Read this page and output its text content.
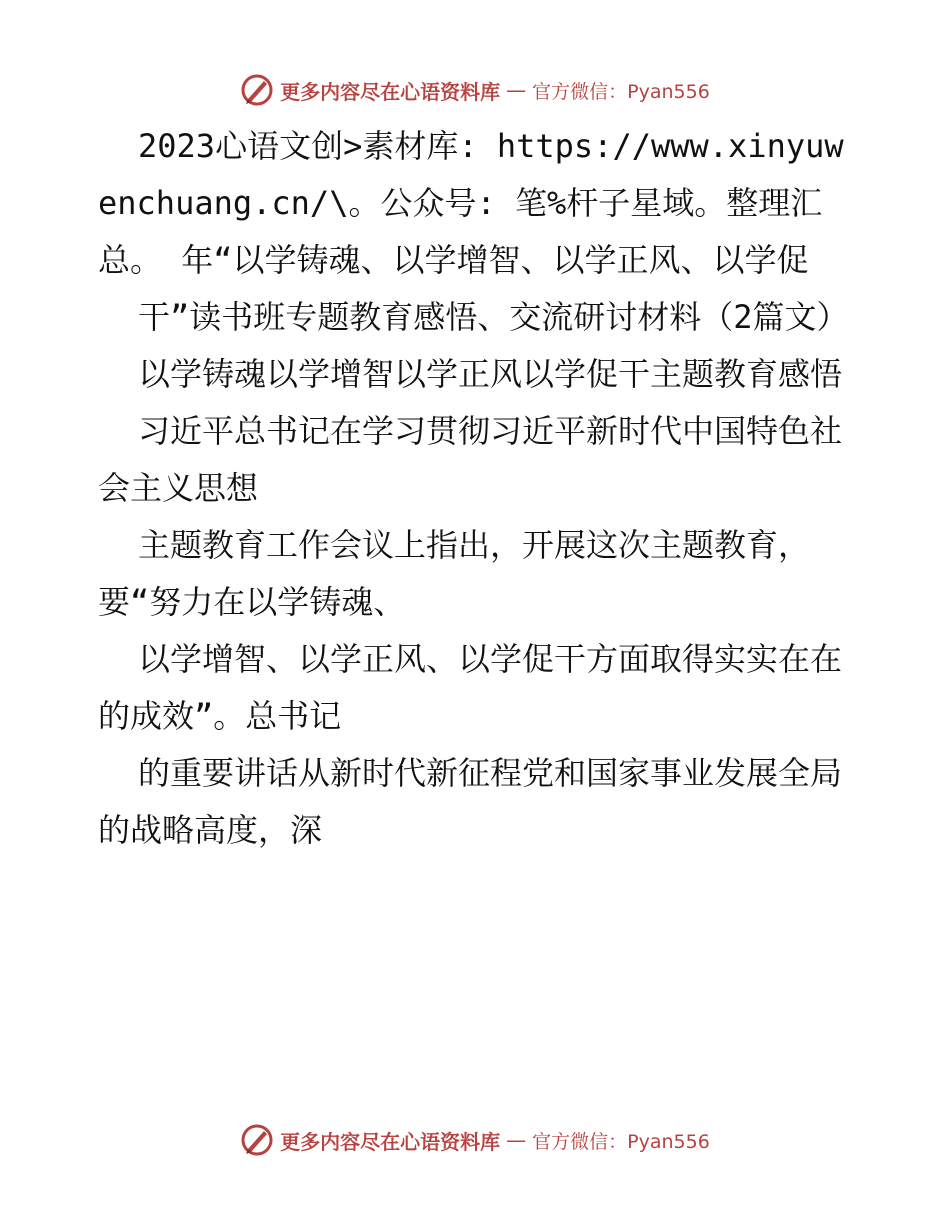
更多内容尽在心语资料库 — 官方微信：Pyan556

2023心语文创>素材库: https://www.xinyuwenchuang.cn/\。公众号: 笔%杆子星域。整理汇总。 年“以学铸魂、以学增智、以学正风、以学促

干”读书班专题教育感悟、交流研讨材料（2篇文）

以学铸魂以学增智以学正风以学促干主题教育感悟

习近平总书记在学习贯彻习近平新时代中国特色社会主义思想

主题教育工作会议上指出，开展这次主题教育，要“努力在以学铸魂、

以学增智、以学正风、以学促干方面取得实实在在的成效”。总书记

的重要讲话从新时代新征程党和国家事业发展全局的战略高度，深

更多内容尽在心语资料库 — 官方微信：Pyan556
